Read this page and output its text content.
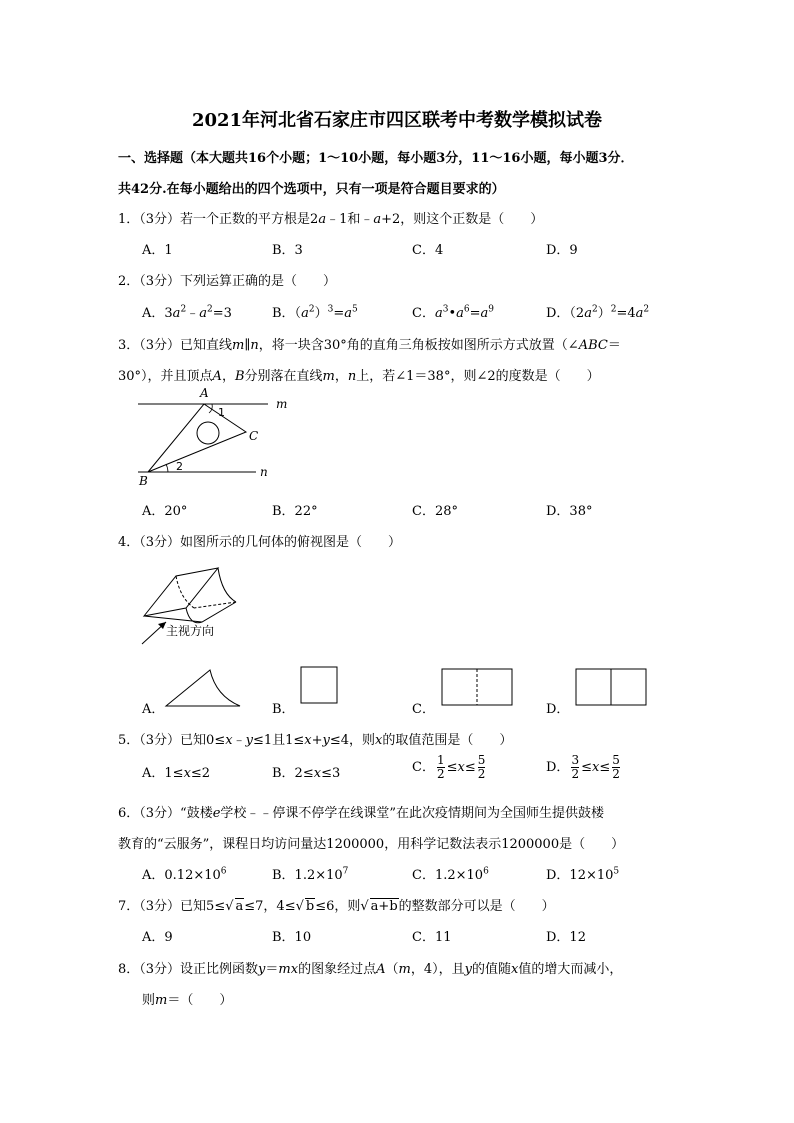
2021年河北省石家庄市四区联考中考数学模拟试卷
一、选择题（本大题共16个小题；1～10小题，每小题3分，11～16小题，每小题3分．
共42分.在每小题给出的四个选项中，只有一项是符合题目要求的）
1．（3分）若一个正数的平方根是2a﹣1和﹣a+2，则这个正数是（　　）
A．1	B．3	C．4	D．9
2．（3分）下列运算正确的是（　　）
A．$3a^2﹣a^2=3$	B．$(a^2)^3=a^5$	C．$a^3•a^6=a^9$	D．$(2a^2)^2=4a^2$
3．（3分）已知直线m∥n，将一块含30°角的直角三角板按如图所示方式放置（∠ABC＝
30°），并且顶点A，B分别落在直线m，n上，若∠1＝38°，则∠2的度数是（　　）
A
B
C
m
n
1
2
A．20°	B．22°	C．28°	D．38°
4．（3分）如图所示的几何体的俯视图是（　　）
主视方向
A．	B．	C．	D．
5．（3分）已知0≤x﹣y≤1且1≤x+y≤4，则x的取值范围是（　　）
A．1≤x≤2	B．2≤x≤3	C． $\frac{1}{2} \le x\le \frac{5}{2}$	D． $\frac{3}{2} \le x\le \frac{5}{2}$
6．（3分）“鼓楼e学校﹣﹣停课不停学在线课堂”在此次疫情期间为全国师生提供鼓楼
教育的“云服务”，课程日均访问量达1200000，用科学记数法表示1200000是（　　）
A．$0.12\times 10^6$	B．$1.2\times 10^7$	C．$1.2\times 10^6$	D．$12\times 10^5$
7．（3分）已知5≤√ a≤7，4≤√ b≤6，则√ a+b的整数部分可以是（　　）
A．9	B．10	C．11	D．12
8．（3分）设正比例函数y＝mx的图象经过点A（m，4），且y的值随x值的增大而减小，
则m＝（　　）
